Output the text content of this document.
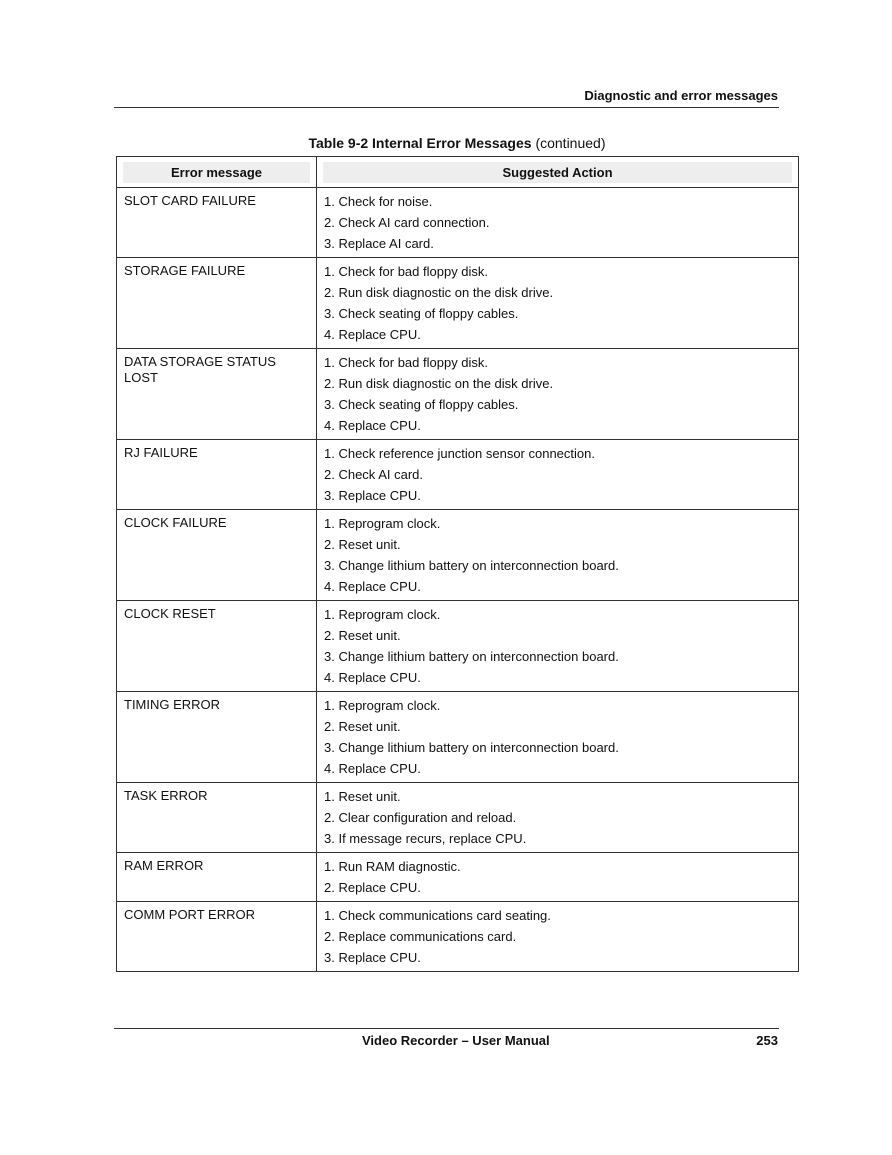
Diagnostic and error messages
Table 9-2 Internal Error Messages (continued)
Error message	Suggested Action

SLOT CARD FAILURE	1. Check for noise.
2. Check AI card connection.
3. Replace AI card.

STORAGE FAILURE	1. Check for bad floppy disk.
2. Run disk diagnostic on the disk drive.
3. Check seating of floppy cables.
4. Replace CPU.

DATA STORAGE STATUS LOST	1. Check for bad floppy disk.
2. Run disk diagnostic on the disk drive.
3. Check seating of floppy cables.
4. Replace CPU.

RJ FAILURE	1. Check reference junction sensor connection.
2. Check AI card.
3. Replace CPU.

CLOCK FAILURE	1. Reprogram clock.
2. Reset unit.
3. Change lithium battery on interconnection board.
4. Replace CPU.

CLOCK RESET	1. Reprogram clock.
2. Reset unit.
3. Change lithium battery on interconnection board.
4. Replace CPU.

TIMING ERROR	1. Reprogram clock.
2. Reset unit.
3. Change lithium battery on interconnection board.
4. Replace CPU.

TASK ERROR	1. Reset unit.
2. Clear configuration and reload.
3. If message recurs, replace CPU.

RAM ERROR	1. Run RAM diagnostic.
2. Replace CPU.

COMM PORT ERROR	1. Check communications card seating.
2. Replace communications card.
3. Replace CPU.
Video Recorder – User Manual	253
